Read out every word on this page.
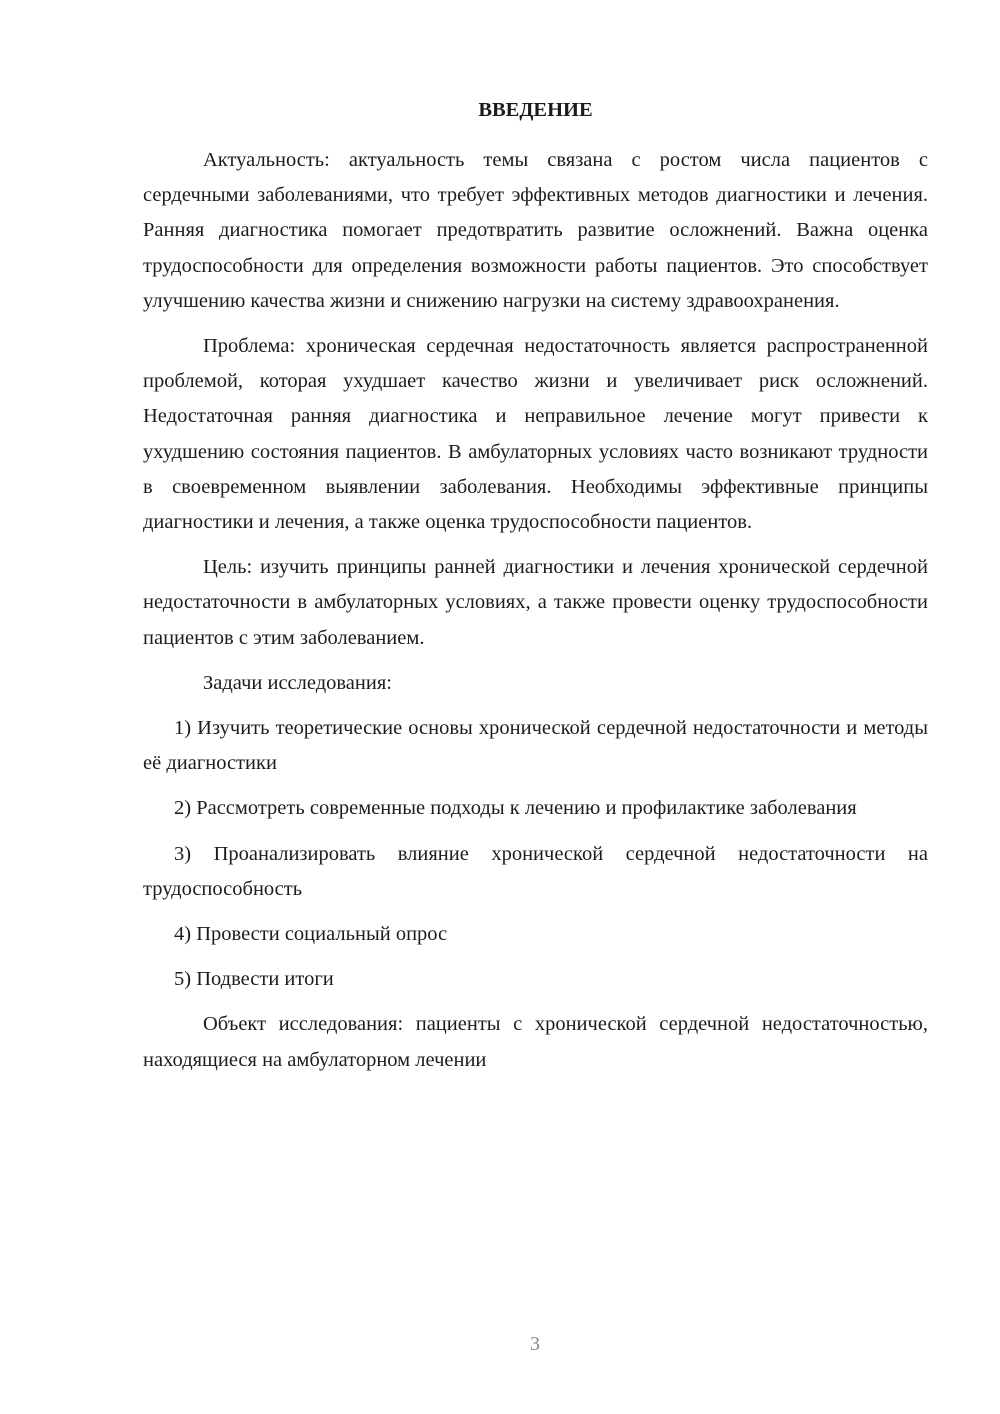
ВВЕДЕНИЕ

Актуальность: актуальность темы связана с ростом числа пациентов с сердечными заболеваниями, что требует эффективных методов диагностики и лечения. Ранняя диагностика помогает предотвратить развитие осложнений. Важна оценка трудоспособности для определения возможности работы пациентов. Это способствует улучшению качества жизни и снижению нагрузки на систему здравоохранения.

Проблема: хроническая сердечная недостаточность является распространенной проблемой, которая ухудшает качество жизни и увеличивает риск осложнений. Недостаточная ранняя диагностика и неправильное лечение могут привести к ухудшению состояния пациентов. В амбулаторных условиях часто возникают трудности в своевременном выявлении заболевания. Необходимы эффективные принципы диагностики и лечения, а также оценка трудоспособности пациентов.

Цель: изучить принципы ранней диагностики и лечения хронической сердечной недостаточности в амбулаторных условиях, а также провести оценку трудоспособности пациентов с этим заболеванием.

Задачи исследования:

1) Изучить теоретические основы хронической сердечной недостаточности и методы её диагностики

2) Рассмотреть современные подходы к лечению и профилактике заболевания

3) Проанализировать влияние хронической сердечной недостаточности на трудоспособность

4) Провести социальный опрос

5) Подвести итоги

Объект исследования: пациенты с хронической сердечной недостаточностью, находящиеся на амбулаторном лечении

3
